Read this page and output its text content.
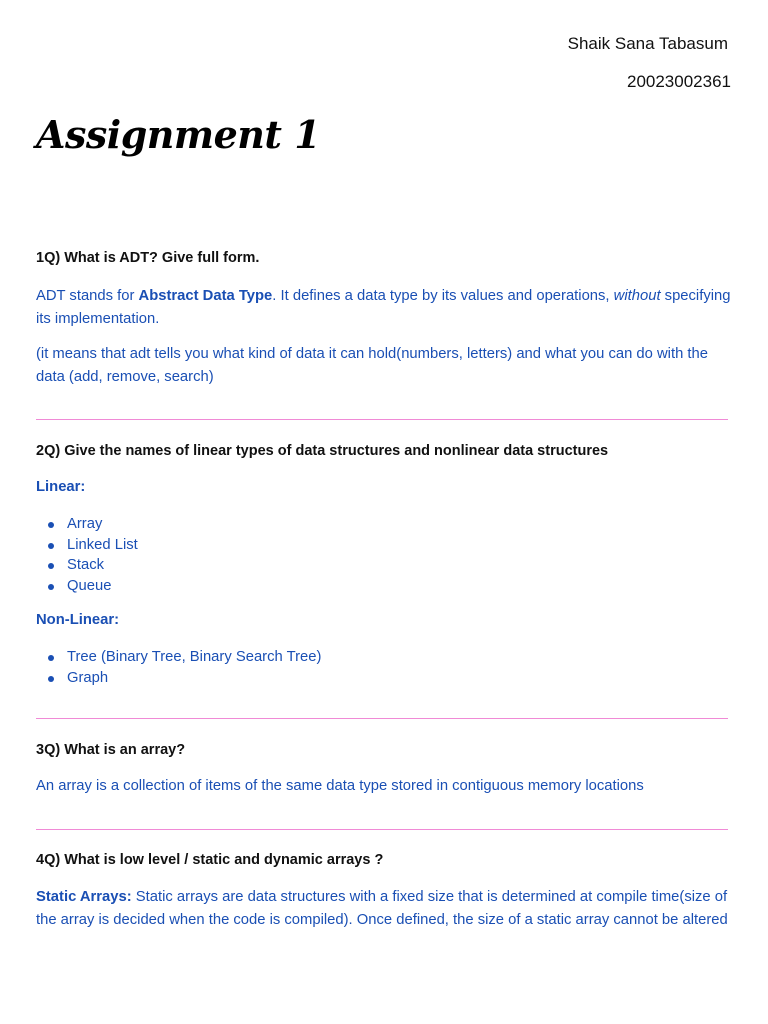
Shaik Sana Tabasum
20023002361
Assignment 1
1Q) What is ADT? Give full form.
ADT stands for Abstract Data Type. It defines a data type by its values and operations, without specifying its implementation.
(it means that adt tells you what kind of data it can hold(numbers, letters) and what you can do with the data (add, remove, search)
2Q) Give the names of linear types of data structures and nonlinear data structures
Linear:
Array
Linked List
Stack
Queue
Non-Linear:
Tree (Binary Tree, Binary Search Tree)
Graph
3Q) What is an array?
An array is a collection of items of the same data type stored in contiguous memory locations
4Q) What is low level / static and dynamic arrays ?
Static Arrays: Static arrays are data structures with a fixed size that is determined at compile time(size of the array is decided when the code is compiled). Once defined, the size of a static array cannot be altered
